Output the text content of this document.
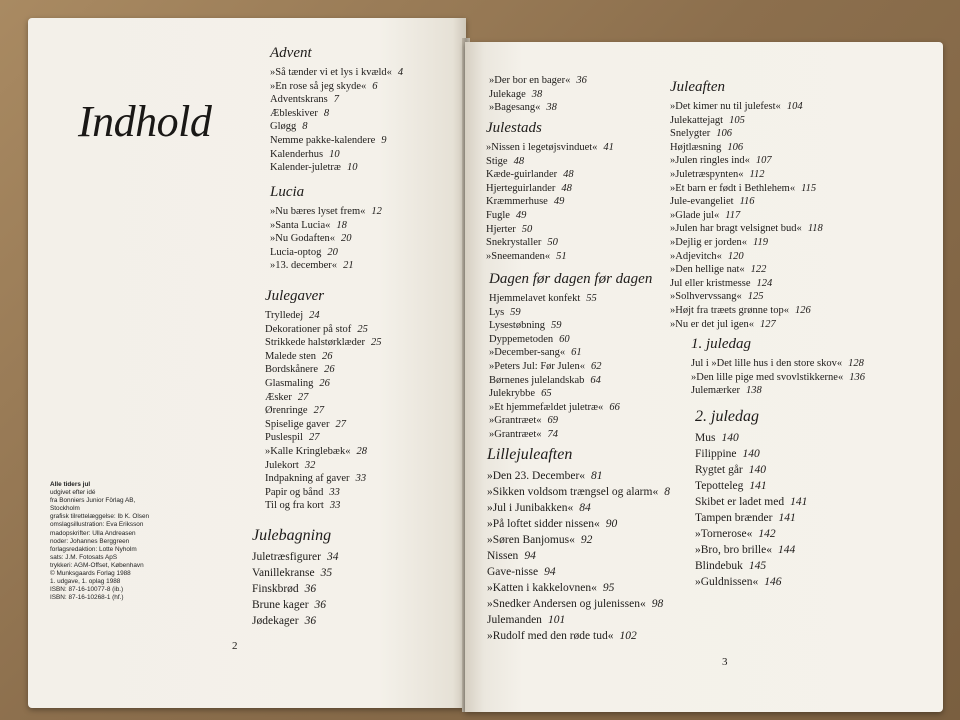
Indhold
Advent
»Så tænder vi et lys i kvæld« 4
»En rose så jeg skyde« 6
Adventskrans 7
Æbleskiver 8
Gløgg 8
Nemme pakke-kalendere 9
Kalenderhus 10
Kalender-juletræ 10
Lucia
»Nu bæres lyset frem« 12
»Santa Lucia« 18
»Nu Godaften« 20
Lucia-optog 20
»13. december« 21
Julegaver
Trylledej 24
Dekorationer på stof 25
Strikkede halstørklæder 25
Malede sten 26
Bordskånere 26
Glasmaling 26
Æsker 27
Ørenringe 27
Spiselige gaver 27
Puslespil 27
»Kalle Kringlebæk« 28
Julekort 32
Indpakning af gaver 33
Papir og bånd 33
Til og fra kort 33
Julebagning
Juletræsfigurer 34
Vanillekranse 35
Finskbrød 36
Brune kager 36
Jødekager 36
Alle tiders jul
udgivet efter idé
fra Bonniers Junior Förlag AB,
Stockholm
grafisk tilrettelæggelse: Ib K. Olsen
omslagsillustration: Eva Eriksson
madopskrifter: Ulla Andreasen
noder: Johannes Berggreen
forlagsredaktion: Lotte Nyholm
sats: J.M. Fotosats ApS
trykkeri: AGM-Offset, København
© Munksgaards Forlag 1988
1. udgave, 1. oplag 1988
ISBN: 87-16-10077-8 (ib.)
ISBN: 87-16-10268-1 (hf.)
2
»Der bor en bager« 36
Julekage 38
»Bagesang« 38
Julestads
»Nissen i legetøjsvinduet« 41
Stige 48
Kæde-guirlander 48
Hjerteguirlander 48
Kræmmerhuse 49
Fugle 49
Hjerter 50
Snekrystaller 50
»Sneemanden« 51
Dagen før dagen før dagen
Hjemmelavet konfekt 55
Lys 59
Lysestøbning 59
Dyppemetoden 60
»December-sang« 61
»Peters Jul: Før Julen« 62
Børnenes julelandskab 64
Julekrybbe 65
»Et hjemmefældet juletræ« 66
»Grantræet« 69
»Grantræet« 74
Lillejuleaften
»Den 23. December« 81
»Sikken voldsom trængsel og alarm« 8
»Jul i Junibakken« 84
»På loftet sidder nissen« 90
»Søren Banjomus« 92
Nissen 94
Gave-nisse 94
»Katten i kakkelovnen« 95
»Snedker Andersen og julenissen« 98
Julemanden 101
»Rudolf med den røde tud« 102
Juleaften
»Det kimer nu til julefest« 104
Julekattejagt 105
Snelygter 106
Højtlæsning 106
»Julen ringles ind« 107
»Juletræspynten« 112
»Et barn er født i Bethlehem« 115
Jule-evangeliet 116
»Glade jul« 117
»Julen har bragt velsignet bud« 118
»Dejlig er jorden« 119
»Adjevitch« 120
»Den hellige nat« 122
Jul eller kristmesse 124
»Solhvervssang« 125
»Højt fra træets grønne top« 126
»Nu er det jul igen« 127
1. juledag
Jul i »Det lille hus i den store skov« 128
»Den lille pige med svovlstikkerne« 136
Julemærker 138
2. juledag
Mus 140
Filippine 140
Rygtet går 140
Tepotteleg 141
Skibet er ladet med 141
Tampen brænder 141
»Tornerose« 142
»Bro, bro brille« 144
Blindebuk 145
»Guldnissen« 146
3
